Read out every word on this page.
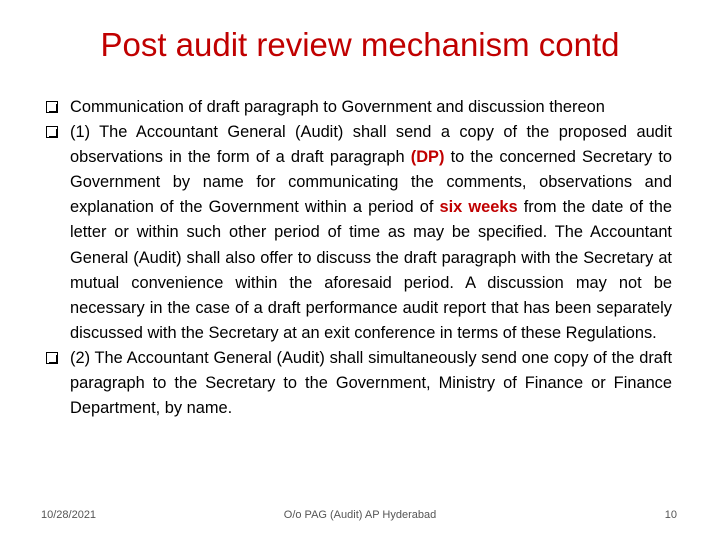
Post audit review mechanism contd
Communication of draft paragraph to Government and discussion thereon
(1) The Accountant General (Audit) shall send a copy of the proposed audit observations in the form of a draft paragraph (DP) to the concerned Secretary to Government by name for communicating the comments, observations and explanation of the Government within a period of six weeks from the date of the letter or within such other period of time as may be specified. The Accountant General (Audit) shall also offer to discuss the draft paragraph with the Secretary at mutual convenience within the aforesaid period. A discussion may not be necessary in the case of a draft performance audit report that has been separately discussed with the Secretary at an exit conference in terms of these Regulations.
(2) The Accountant General (Audit) shall simultaneously send one copy of the draft paragraph to the Secretary to the Government, Ministry of Finance or Finance Department, by name.
10/28/2021	O/o PAG (Audit) AP Hyderabad	10
